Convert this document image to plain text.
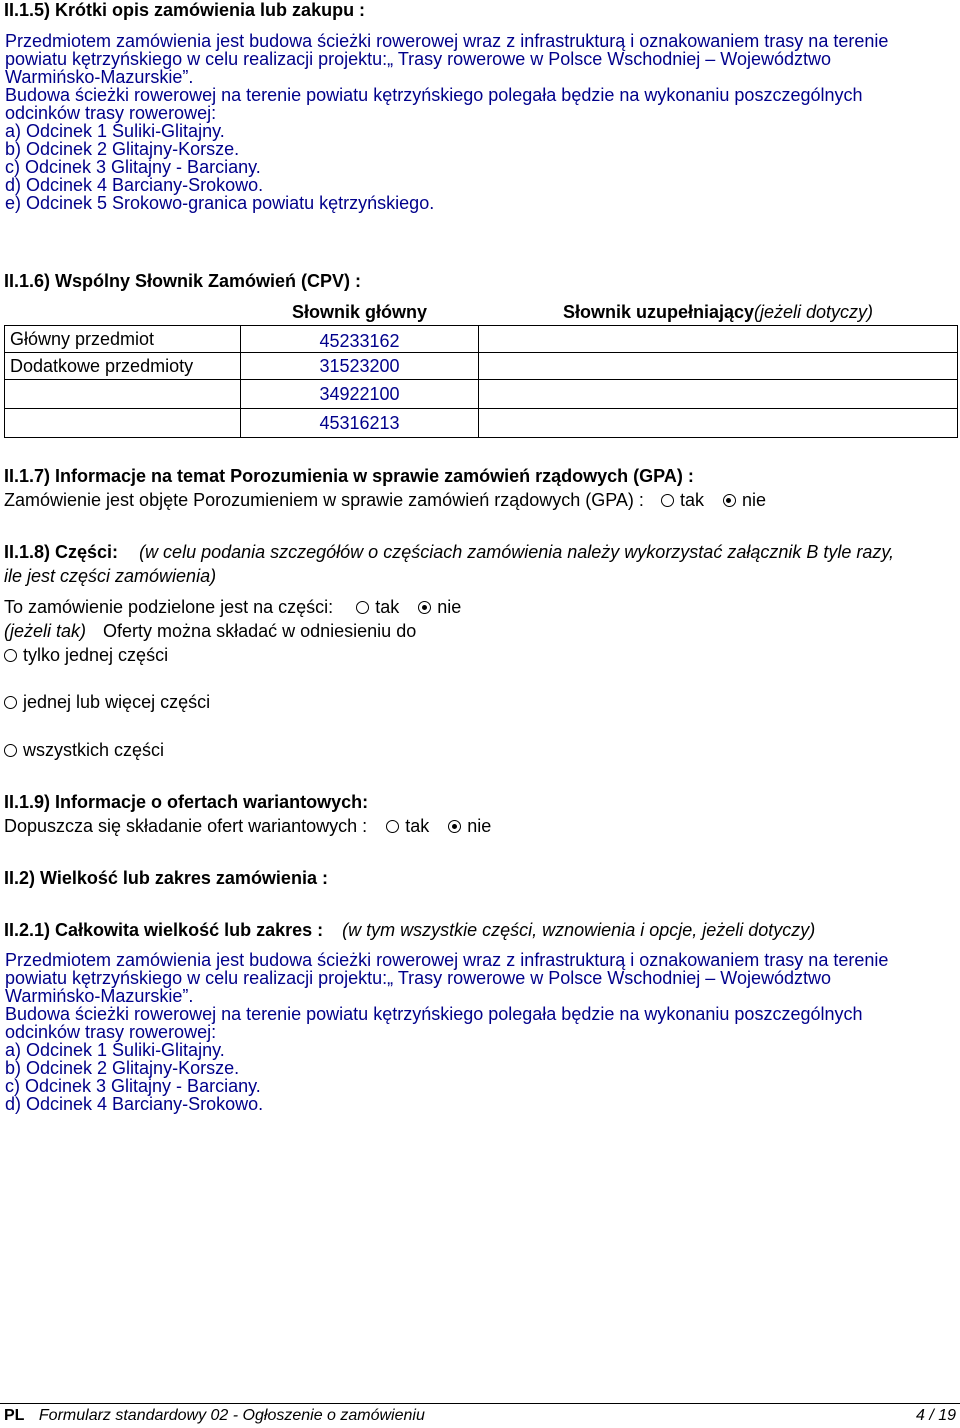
II.1.5) Krótki opis zamówienia lub zakupu :
Przedmiotem zamówienia jest budowa ścieżki rowerowej wraz z infrastrukturą i oznakowaniem trasy na terenie
powiatu kętrzyńskiego w celu realizacji projektu:„ Trasy rowerowe w Polsce Wschodniej – Województwo
Warmińsko-Mazurskie”.
Budowa ścieżki rowerowej na terenie powiatu kętrzyńskiego polegała będzie na wykonaniu poszczególnych
odcinków trasy rowerowej:
a) Odcinek 1 Suliki-Glitajny.
b) Odcinek 2 Glitajny-Korsze.
c) Odcinek 3 Glitajny - Barciany.
d) Odcinek 4 Barciany-Srokowo.
e) Odcinek 5 Srokowo-granica powiatu kętrzyńskiego.
II.1.6) Wspólny Słownik Zamówień (CPV) :
	Słownik główny	Słownik uzupełniający(jeżeli dotyczy)
Główny przedmiot	45233162	
Dodatkowe przedmioty	31523200	
	34922100	
	45316213	
II.1.7) Informacje na temat Porozumienia w sprawie zamówień rządowych (GPA) :
Zamówienie jest objęte Porozumieniem w sprawie zamówień rządowych (GPA) : tak nie
II.1.8) Części: (w celu podania szczegółów o częściach zamówienia należy wykorzystać załącznik B tyle razy,
ile jest części zamówienia)
To zamówienie podzielone jest na części: tak nie
(jeżeli tak) Oferty można składać w odniesieniu do
tylko jednej części
jednej lub więcej części
wszystkich części
II.1.9) Informacje o ofertach wariantowych:
Dopuszcza się składanie ofert wariantowych : tak nie
II.2) Wielkość lub zakres zamówienia :
II.2.1) Całkowita wielkość lub zakres : (w tym wszystkie części, wznowienia i opcje, jeżeli dotyczy)
Przedmiotem zamówienia jest budowa ścieżki rowerowej wraz z infrastrukturą i oznakowaniem trasy na terenie
powiatu kętrzyńskiego w celu realizacji projektu:„ Trasy rowerowe w Polsce Wschodniej – Województwo
Warmińsko-Mazurskie”.
Budowa ścieżki rowerowej na terenie powiatu kętrzyńskiego polegała będzie na wykonaniu poszczególnych
odcinków trasy rowerowej:
a) Odcinek 1 Suliki-Glitajny.
b) Odcinek 2 Glitajny-Korsze.
c) Odcinek 3 Glitajny - Barciany.
d) Odcinek 4 Barciany-Srokowo.
PL Formularz standardowy 02 - Ogłoszenie o zamówieniu	4 / 19
